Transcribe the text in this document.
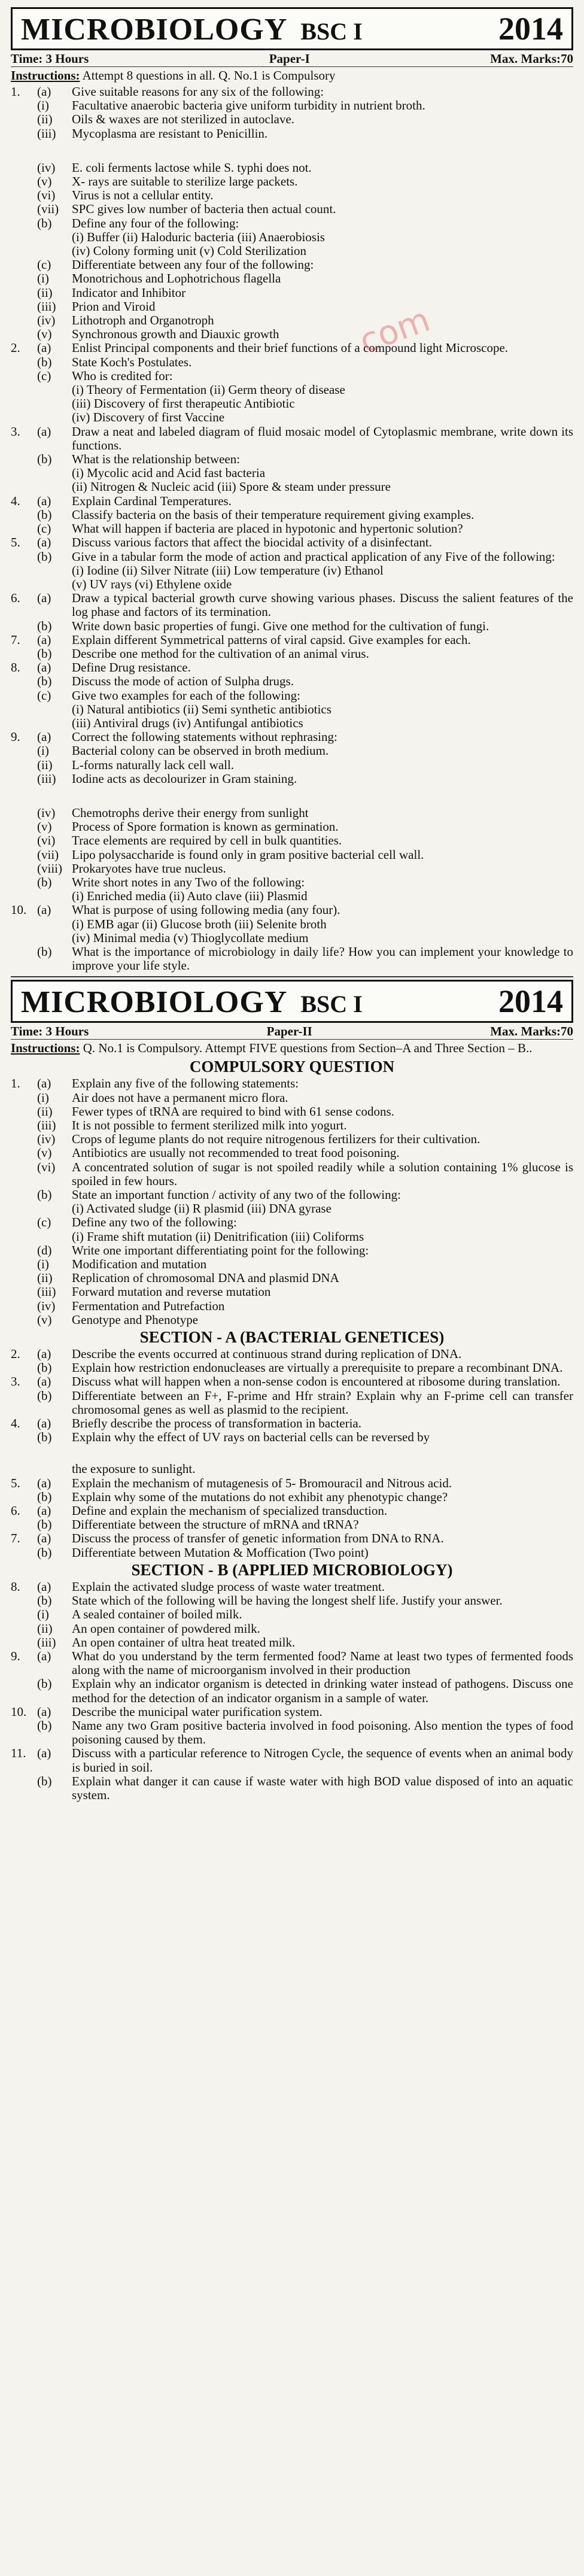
com
MICROBIOLOGY BSC I	2014
Time: 3 Hours	Paper-I	Max. Marks:70
Instructions: Attempt 8 questions in all. Q. No.1 is Compulsory
1.	(a)	Give suitable reasons for any six of the following:
(i)	Facultative anaerobic bacteria give uniform turbidity in nutrient broth.
(ii)	Oils & waxes are not sterilized in autoclave.
(iii)	Mycoplasma are resistant to Penicillin.
(iv)	E. coli ferments lactose while S. typhi does not.
(v)	X- rays are suitable to sterilize large packets.
(vi)	Virus is not a cellular entity.
(vii)	SPC gives low number of bacteria then actual count.
(b)	Define any four of the following:
(i) Buffer (ii) Haloduric bacteria (iii) Anaerobiosis
(iv) Colony forming unit (v) Cold Sterilization
(c)	Differentiate between any four of the following:
(i)	Monotrichous and Lophotrichous flagella
(ii)	Indicator and Inhibitor
(iii)	Prion and Viroid
(iv)	Lithotroph and Organotroph
(v)	Synchronous growth and Diauxic growth
2.	(a)	Enlist Principal components and their brief functions of a compound light Microscope.
(b)	State Koch's Postulates.
(c)	Who is credited for:
(i) Theory of Fermentation (ii) Germ theory of disease
(iii) Discovery of first therapeutic Antibiotic
(iv) Discovery of first Vaccine
3.	(a)	Draw a neat and labeled diagram of fluid mosaic model of Cytoplasmic membrane, write down its functions.
(b)	What is the relationship between:
(i) Mycolic acid and Acid fast bacteria
(ii) Nitrogen & Nucleic acid (iii) Spore & steam under pressure
4.	(a)	Explain Cardinal Temperatures.
(b)	Classify bacteria on the basis of their temperature requirement giving examples.
(c)	What will happen if bacteria are placed in hypotonic and hypertonic solution?
5.	(a)	Discuss various factors that affect the biocidal activity of a disinfectant.
(b)	Give in a tabular form the mode of action and practical application of any Five of the following:
(i) Iodine (ii) Silver Nitrate (iii) Low temperature (iv) Ethanol
(v) UV rays (vi) Ethylene oxide
6.	(a)	Draw a typical bacterial growth curve showing various phases. Discuss the salient features of the log phase and factors of its termination.
(b)	Write down basic properties of fungi. Give one method for the cultivation of fungi.
7.	(a)	Explain different Symmetrical patterns of viral capsid. Give examples for each.
(b)	Describe one method for the cultivation of an animal virus.
8.	(a)	Define Drug resistance.
(b)	Discuss the mode of action of Sulpha drugs.
(c)	Give two examples for each of the following:
(i) Natural antibiotics (ii) Semi synthetic antibiotics
(iii) Antiviral drugs (iv) Antifungal antibiotics
9.	(a)	Correct the following statements without rephrasing:
(i)	Bacterial colony can be observed in broth medium.
(ii)	L-forms naturally lack cell wall.
(iii)	Iodine acts as decolourizer in Gram staining.
(iv)	Chemotrophs derive their energy from sunlight
(v)	Process of Spore formation is known as germination.
(vi)	Trace elements are required by cell in bulk quantities.
(vii)	Lipo polysaccharide is found only in gram positive bacterial cell wall.
(viii) Prokaryotes have true nucleus.
(b)	Write short notes in any Two of the following:
(i) Enriched media (ii) Auto clave (iii) Plasmid
10. (a)	What is purpose of using following media (any four).
(i) EMB agar (ii) Glucose broth (iii) Selenite broth
(iv) Minimal media (v) Thioglycollate medium
(b)	What is the importance of microbiology in daily life? How you can implement your knowledge to improve your life style.
MICROBIOLOGY BSC I	2014
Time: 3 Hours	Paper-II	Max. Marks:70
Instructions: Q. No.1 is Compulsory. Attempt FIVE questions from Section–A and Three Section – B..
COMPULSORY QUESTION
1.	(a)	Explain any five of the following statements:
(i)	Air does not have a permanent micro flora.
(ii)	Fewer types of tRNA are required to bind with 61 sense codons.
(iii)	It is not possible to ferment sterilized milk into yogurt.
(iv)	Crops of legume plants do not require nitrogenous fertilizers for their cultivation.
(v)	Antibiotics are usually not recommended to treat food poisoning.
(vi)	A concentrated solution of sugar is not spoiled readily while a solution containing 1% glucose is spoiled in few hours.
(b)	State an important function / activity of any two of the following:
(i) Activated sludge (ii) R plasmid (iii) DNA gyrase
(c)	Define any two of the following:
(i) Frame shift mutation (ii) Denitrification (iii) Coliforms
(d)	Write one important differentiating point for the following:
(i)	Modification and mutation
(ii)	Replication of chromosomal DNA and plasmid DNA
(iii)	Forward mutation and reverse mutation
(iv)	Fermentation and Putrefaction
(v)	Genotype and Phenotype
SECTION - A (BACTERIAL GENETICES)
2.	(a)	Describe the events occurred at continuous strand during replication of DNA.
(b)	Explain how restriction endonucleases are virtually a prerequisite to prepare a recombinant DNA.
3.	(a)	Discuss what will happen when a non-sense codon is encountered at ribosome during translation.
(b)	Differentiate between an F+, F-prime and Hfr strain? Explain why an F-prime cell can transfer chromosomal genes as well as plasmid to the recipient.
4.	(a)	Briefly describe the process of transformation in bacteria.
(b)	Explain why the effect of UV rays on bacterial cells can be reversed by
the exposure to sunlight.
5.	(a)	Explain the mechanism of mutagenesis of 5- Bromouracil and Nitrous acid.
(b)	Explain why some of the mutations do not exhibit any phenotypic change?
6.	(a)	Define and explain the mechanism of specialized transduction.
(b)	Differentiate between the structure of mRNA and tRNA?
7.	(a)	Discuss the process of transfer of genetic information from DNA to RNA.
(b)	Differentiate between Mutation & Moffication (Two point)
SECTION - B (APPLIED MICROBIOLOGY)
8.	(a)	Explain the activated sludge process of waste water treatment.
(b)	State which of the following will be having the longest shelf life. Justify your answer.
(i)	A sealed container of boiled milk.
(ii)	An open container of powdered milk.
(iii)	An open container of ultra heat treated milk.
9.	(a)	What do you understand by the term fermented food? Name at least two types of fermented foods along with the name of microorganism involved in their production
(b)	Explain why an indicator organism is detected in drinking water instead of pathogens. Discuss one method for the detection of an indicator organism in a sample of water.
10. (a)	Describe the municipal water purification system.
(b)	Name any two Gram positive bacteria involved in food poisoning. Also mention the types of food poisoning caused by them.
11. (a)	Discuss with a particular reference to Nitrogen Cycle, the sequence of events when an animal body is buried in soil.
(b)	Explain what danger it can cause if waste water with high BOD value disposed of into an aquatic system.
